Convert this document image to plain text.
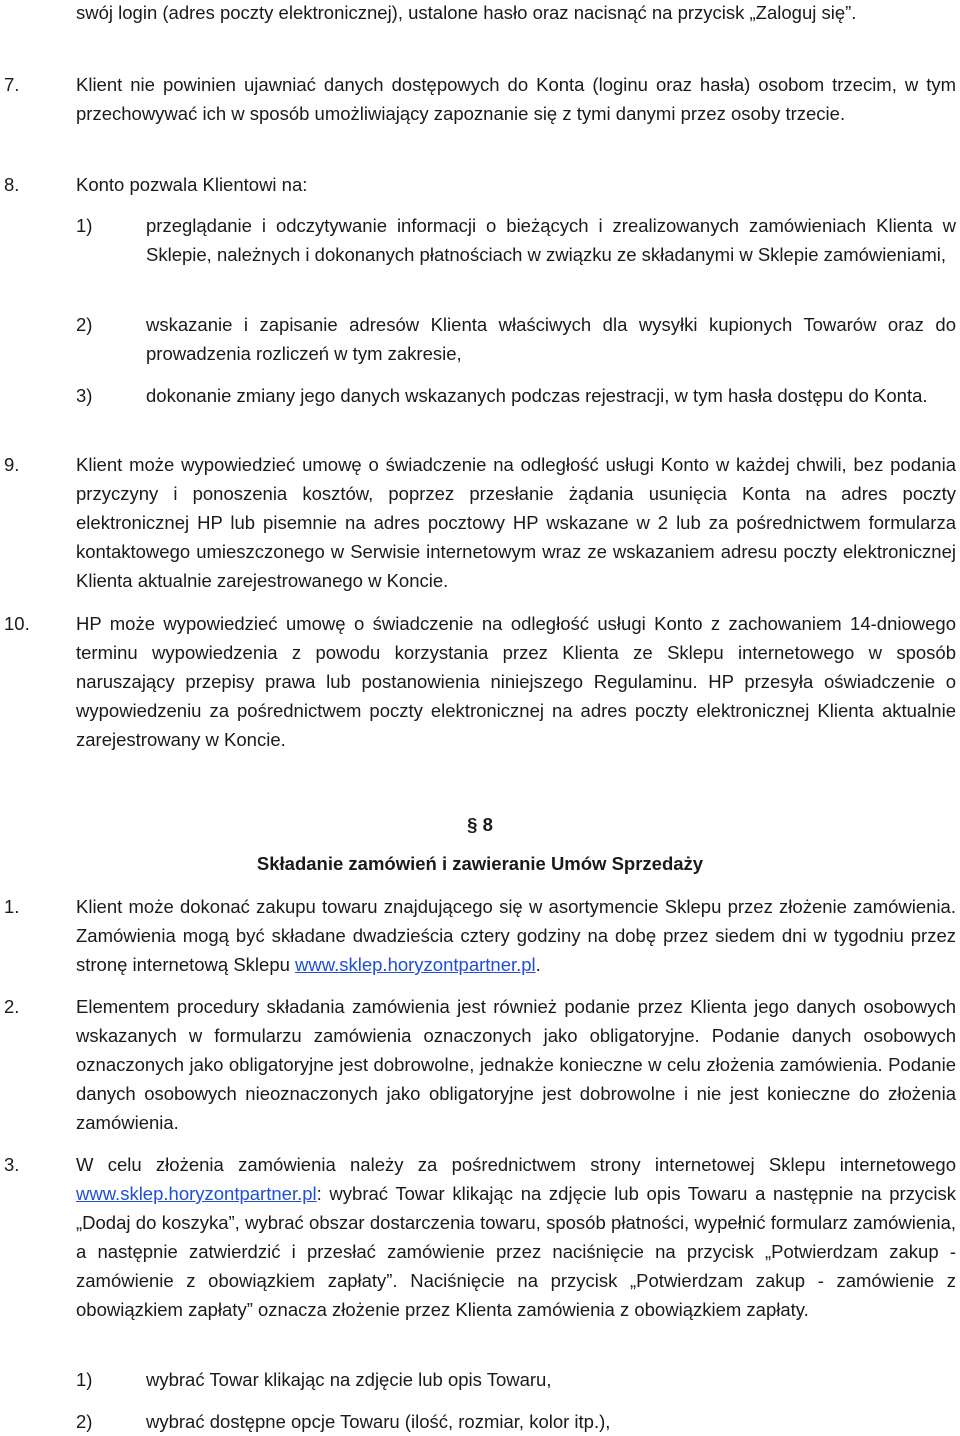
swój login (adres poczty elektronicznej), ustalone hasło oraz nacisnąć na przycisk „Zaloguj się”.
7.	Klient nie powinien ujawniać danych dostępowych do Konta (loginu oraz hasła) osobom trzecim, w tym przechowywać ich w sposób umożliwiający zapoznanie się z tymi danymi przez osoby trzecie.
8.	Konto pozwala Klientowi na:
1)	przeglądanie i odczytywanie informacji o bieżących i zrealizowanych zamówieniach Klienta w Sklepie, należnych i dokonanych płatnościach w związku ze składanymi w Sklepie zamówieniami,
2)	wskazanie i zapisanie adresów Klienta właściwych dla wysyłki kupionych Towarów oraz do prowadzenia rozliczeń w tym zakresie,
3)	dokonanie zmiany jego danych wskazanych podczas rejestracji, w tym hasła dostępu do Konta.
9.	Klient może wypowiedzieć umowę o świadczenie na odległość usługi Konto w każdej chwili, bez podania przyczyny i ponoszenia kosztów, poprzez przesłanie żądania usunięcia Konta na adres poczty elektronicznej HP lub pisemnie na adres pocztowy HP wskazane w 2 lub za pośrednictwem formularza kontaktowego umieszczonego w Serwisie internetowym wraz ze wskazaniem adresu poczty elektronicznej Klienta aktualnie zarejestrowanego w Koncie.
10.	HP może wypowiedzieć umowę o świadczenie na odległość usługi Konto z zachowaniem 14-dniowego terminu wypowiedzenia z powodu korzystania przez Klienta ze Sklepu internetowego w sposób naruszający przepisy prawa lub postanowienia niniejszego Regulaminu. HP przesyła oświadczenie o wypowiedzeniu za pośrednictwem poczty elektronicznej na adres poczty elektronicznej Klienta aktualnie zarejestrowany w Koncie.
§ 8
Składanie zamówień i zawieranie Umów Sprzedaży
1.	Klient może dokonać zakupu towaru znajdującego się w asortymencie Sklepu przez złożenie zamówienia. Zamówienia mogą być składane dwadzieścia cztery godziny na dobę przez siedem dni w tygodniu przez stronę internetową Sklepu www.sklep.horyzontpartner.pl.
2.	Elementem procedury składania zamówienia jest również podanie przez Klienta jego danych osobowych wskazanych w formularzu zamówienia oznaczonych jako obligatoryjne. Podanie danych osobowych oznaczonych jako obligatoryjne jest dobrowolne, jednakże konieczne w celu złożenia zamówienia. Podanie danych osobowych nieoznaczonych jako obligatoryjne jest dobrowolne i nie jest konieczne do złożenia zamówienia.
3.	W celu złożenia zamówienia należy za pośrednictwem strony internetowej Sklepu internetowego www.sklep.horyzontpartner.pl: wybrać Towar klikając na zdjęcie lub opis Towaru a następnie na przycisk „Dodaj do koszyka”, wybrać obszar dostarczenia towaru, sposób płatności, wypełnić formularz zamówienia, a następnie zatwierdzić i przesłać zamówienie przez naciśnięcie na przycisk „Potwierdzam zakup - zamówienie z obowiązkiem zapłaty”. Naciśnięcie na przycisk „Potwierdzam zakup - zamówienie z obowiązkiem zapłaty” oznacza złożenie przez Klienta zamówienia z obowiązkiem zapłaty.
1)	wybrać Towar klikając na zdjęcie lub opis Towaru,
2)	wybrać dostępne opcje Towaru (ilość, rozmiar, kolor itp.),
